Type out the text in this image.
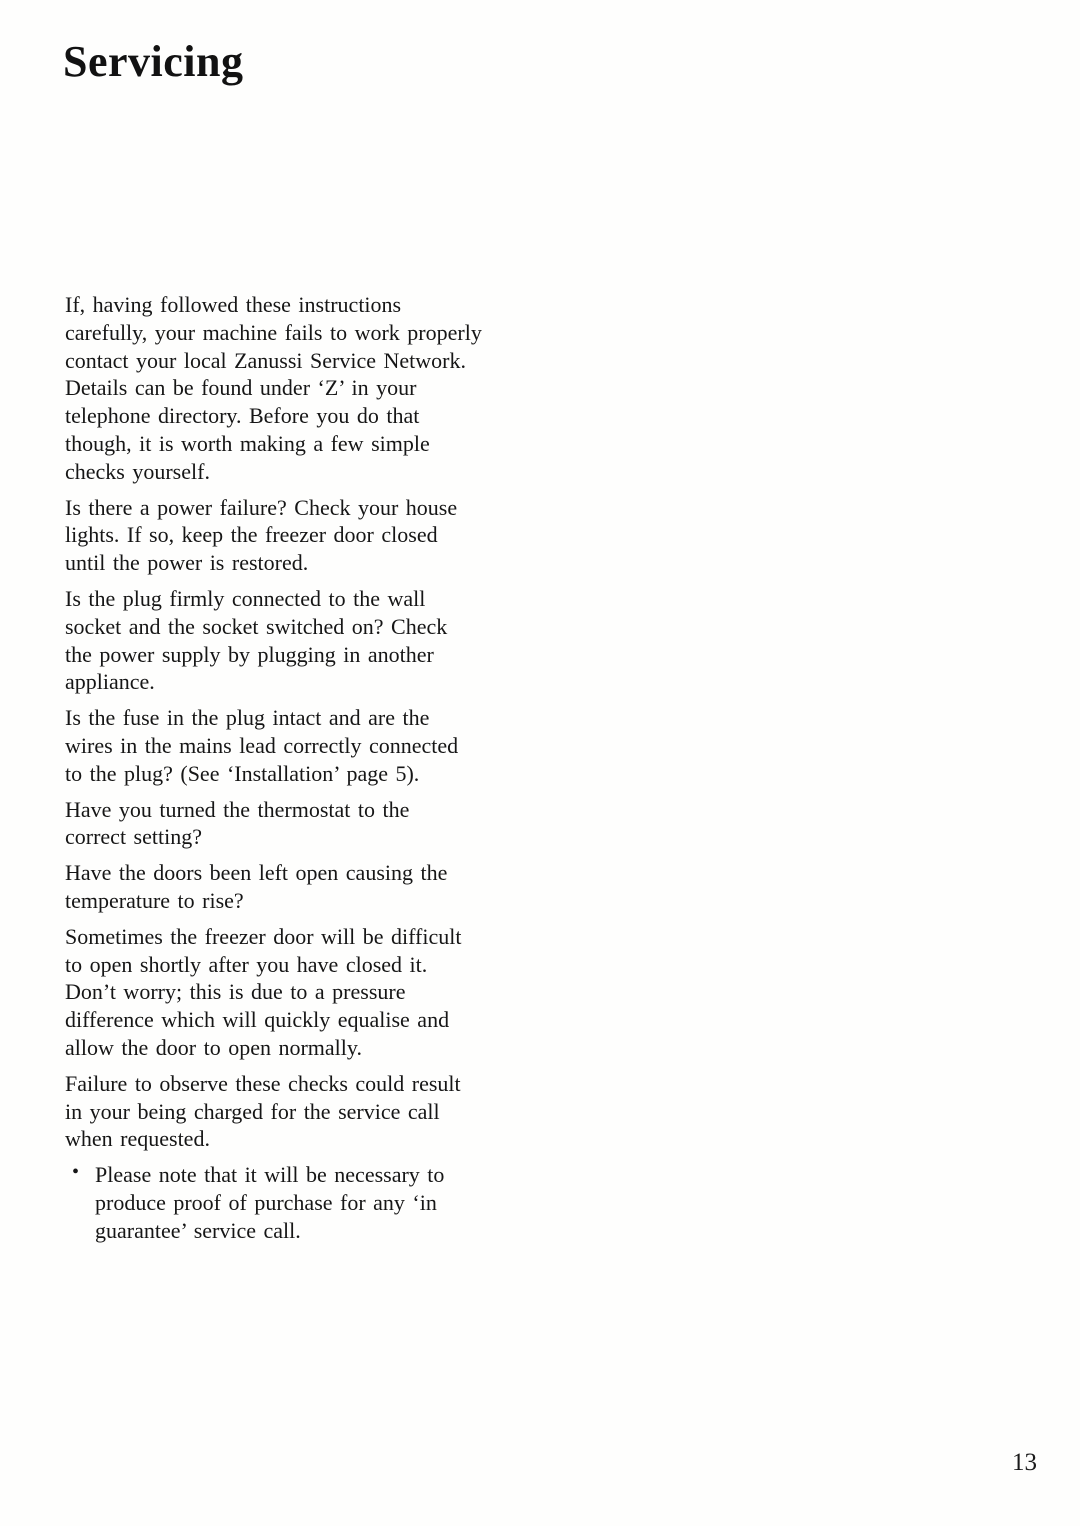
Servicing
If, having followed these instructions
carefully, your machine fails to work properly
contact your local Zanussi Service Network.
Details can be found under ‘Z’ in your
telephone directory. Before you do that
though, it is worth making a few simple
checks yourself.
Is there a power failure? Check your house
lights. If so, keep the freezer door closed
until the power is restored.
Is the plug firmly connected to the wall
socket and the socket switched on? Check
the power supply by plugging in another
appliance.
Is the fuse in the plug intact and are the
wires in the mains lead correctly connected
to the plug? (See ‘Installation’ page 5).
Have you turned the thermostat to the
correct setting?
Have the doors been left open causing the
temperature to rise?
Sometimes the freezer door will be difficult
to open shortly after you have closed it.
Don’t worry; this is due to a pressure
difference which will quickly equalise and
allow the door to open normally.
Failure to observe these checks could result
in your being charged for the service call
when requested.
• Please note that it will be necessary to
produce proof of purchase for any ‘in
guarantee’ service call.
13
